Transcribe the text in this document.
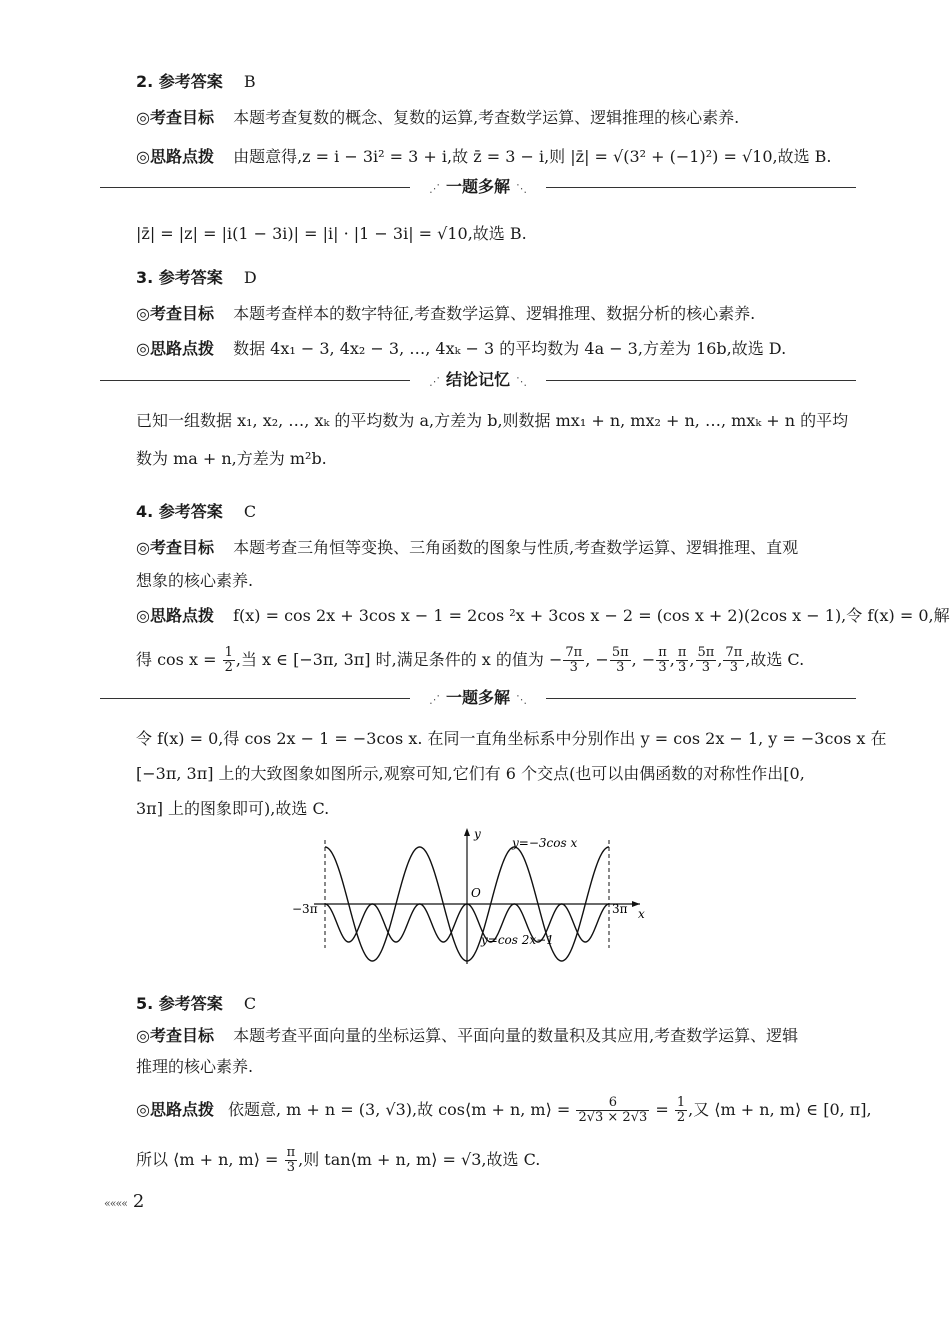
2. 参考答案 B
◎考查目标 本题考查复数的概念、复数的运算,考查数学运算、逻辑推理的核心素养.
◎思路点拨 由题意得,z = i − 3i² = 3 + i,故 z̄ = 3 − i,则 |z̄| = √(3² + (−1)²) = √10,故选 B.
⋰ 一题多解 ⋱
|z̄| = |z| = |i(1 − 3i)| = |i| · |1 − 3i| = √10,故选 B.
3. 参考答案 D
◎考查目标 本题考查样本的数字特征,考查数学运算、逻辑推理、数据分析的核心素养.
◎思路点拨 数据 4x₁ − 3, 4x₂ − 3, …, 4xₖ − 3 的平均数为 4a − 3,方差为 16b,故选 D.
⋰ 结论记忆 ⋱
已知一组数据 x₁, x₂, …, xₖ 的平均数为 a,方差为 b,则数据 mx₁ + n, mx₂ + n, …, mxₖ + n 的平均
数为 ma + n,方差为 m²b.
4. 参考答案 C
◎考查目标 本题考查三角恒等变换、三角函数的图象与性质,考查数学运算、逻辑推理、直观
想象的核心素养.
◎思路点拨 f(x) = cos 2x + 3cos x − 1 = 2cos ²x + 3cos x − 2 = (cos x + 2)(2cos x − 1),令 f(x) = 0,解
得 $\cos x = \frac{1}{2}$ ,当 x ∈ [−3π, 3π] 时,满足条件的 x 的值为 − $\frac{7\pi}{3}$ , − $\frac{5\pi}{3}$ , − $\frac{\pi}{3}$ , $\frac{\pi}{3}$ , $\frac{5\pi}{3}$ , $\frac{7\pi}{3}$ ,故选 C.
⋰ 一题多解 ⋱
令 f(x) = 0,得 cos 2x − 1 = −3cos x. 在同一直角坐标系中分别作出 y = cos 2x − 1, y = −3cos x 在
[−3π, 3π] 上的大致图象如图所示,观察可知,它们有 6 个交点(也可以由偶函数的对称性作出[0,
3π] 上的图象即可),故选 C.
y
x
O
−3π	3π
y=−3cos x
y=cos 2x−1
5. 参考答案 C
◎考查目标 本题考查平面向量的坐标运算、平面向量的数量积及其应用,考查数学运算、逻辑
推理的核心素养.
◎思路点拨 依题意, m + n = (3, √3),故 cos⟨m + n, m⟩ = $\frac{6}{2√3 \times 2√3} = \frac{1}{2}$ ,又 ⟨m + n, m⟩ ∈ [0, π],
所以 ⟨m + n, m⟩ = $\frac{\pi}{3}$ ,则 tan⟨m + n, m⟩ = √3,故选 C.
«««« 2
